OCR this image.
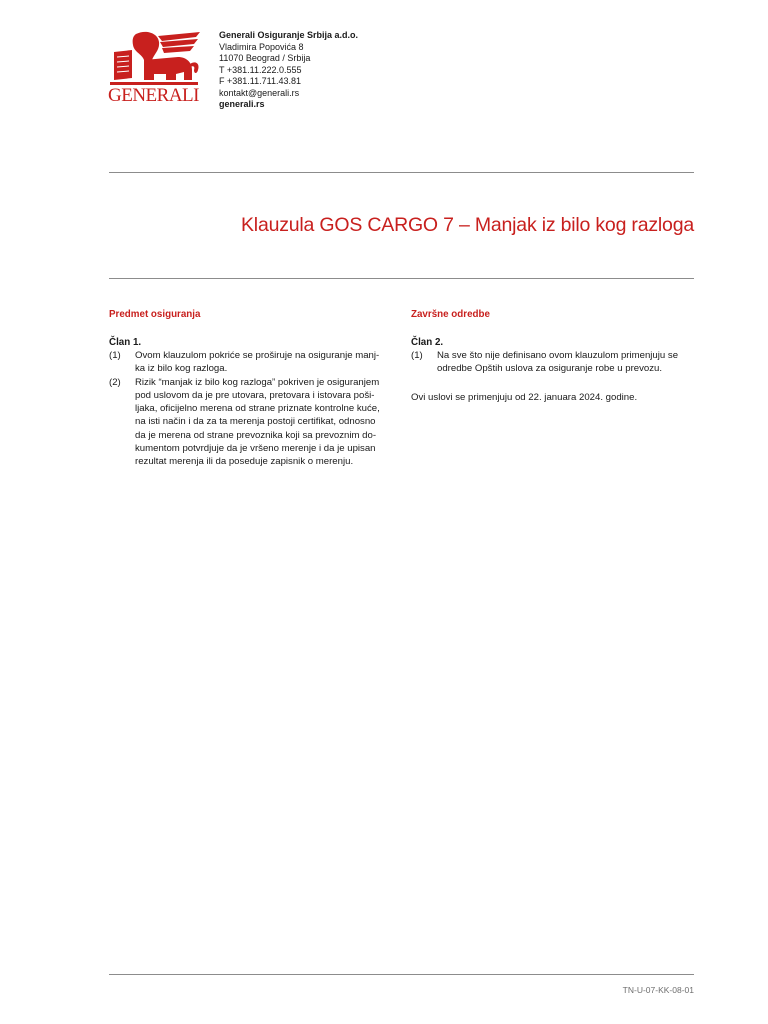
GENERALI
Generali Osiguranje Srbija a.d.o.
Vladimira Popovića 8
11070 Beograd / Srbija
T +381.11.222.0.555
F +381.11.711.43.81
kontakt@generali.rs
generali.rs
Klauzula GOS CARGO 7 – Manjak iz bilo kog razloga
Predmet osiguranja
Član 1.
(1)	Ovom klauzulom pokriće se proširuje na osiguranje manj-
ka iz bilo kog razloga.
(2)	Rizik “manjak iz bilo kog razloga” pokriven je osiguranjem
pod uslovom da je pre utovara, pretovara i istovara poši-
ljaka, oficijelno merena od strane priznate kontrolne kuće,
na isti način i da za ta merenja postoji certifikat, odnosno
da je merena od strane prevoznika koji sa prevoznim do-
kumentom potvrdjuje da je vršeno merenje i da je upisan
rezultat merenja ili da poseduje zapisnik o merenju.
Završne odredbe
Član 2.
(1)	Na sve što nije definisano ovom klauzulom primenjuju se
odredbe Opštih uslova za osiguranje robe u prevozu.
Ovi uslovi se primenjuju od 22. januara 2024. godine.
TN-U-07-KK-08-01
